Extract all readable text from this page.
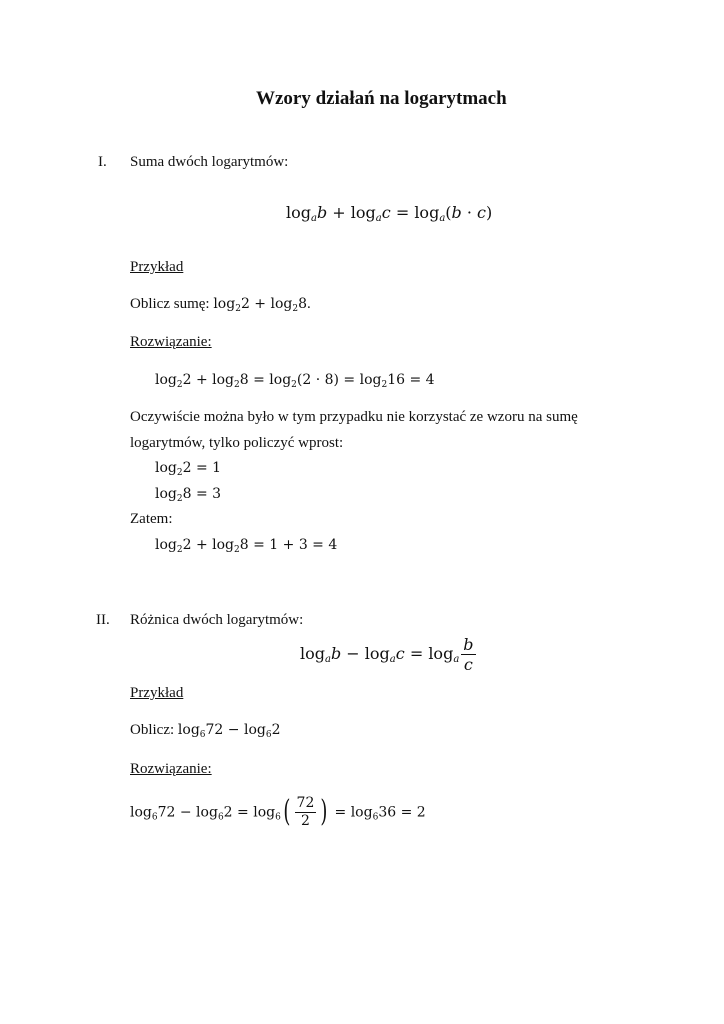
Wzory działań na logarytmach
I. Suma dwóch logarytmów:
$\log_ab + \log_ac = \log_a(b \cdot c)$
Przykład
Oblicz sumę: $\log_22 + \log_28$.
Rozwiązanie:
$\log_22 + \log_28 = \log_2(2 \cdot 8) = \log_216 = 4$
Oczywiście można było w tym przypadku nie korzystać ze wzoru na sumę
logarytmów, tylko policzyć wprost:
$\log_22 = 1$
$\log_28 = 3$
Zatem:
$\log_22 + \log_28 = 1 + 3 = 4$
II. Różnica dwóch logarytmów:
$\log_ab - \log_ac = \log_a \frac{b}{c}$
Przykład
Oblicz: $\log_672 - \log_62$
Rozwiązanie:
$\log_672 - \log_62 = \log_6( \frac{72}{2}$ ) = $\log_636 = 2$
